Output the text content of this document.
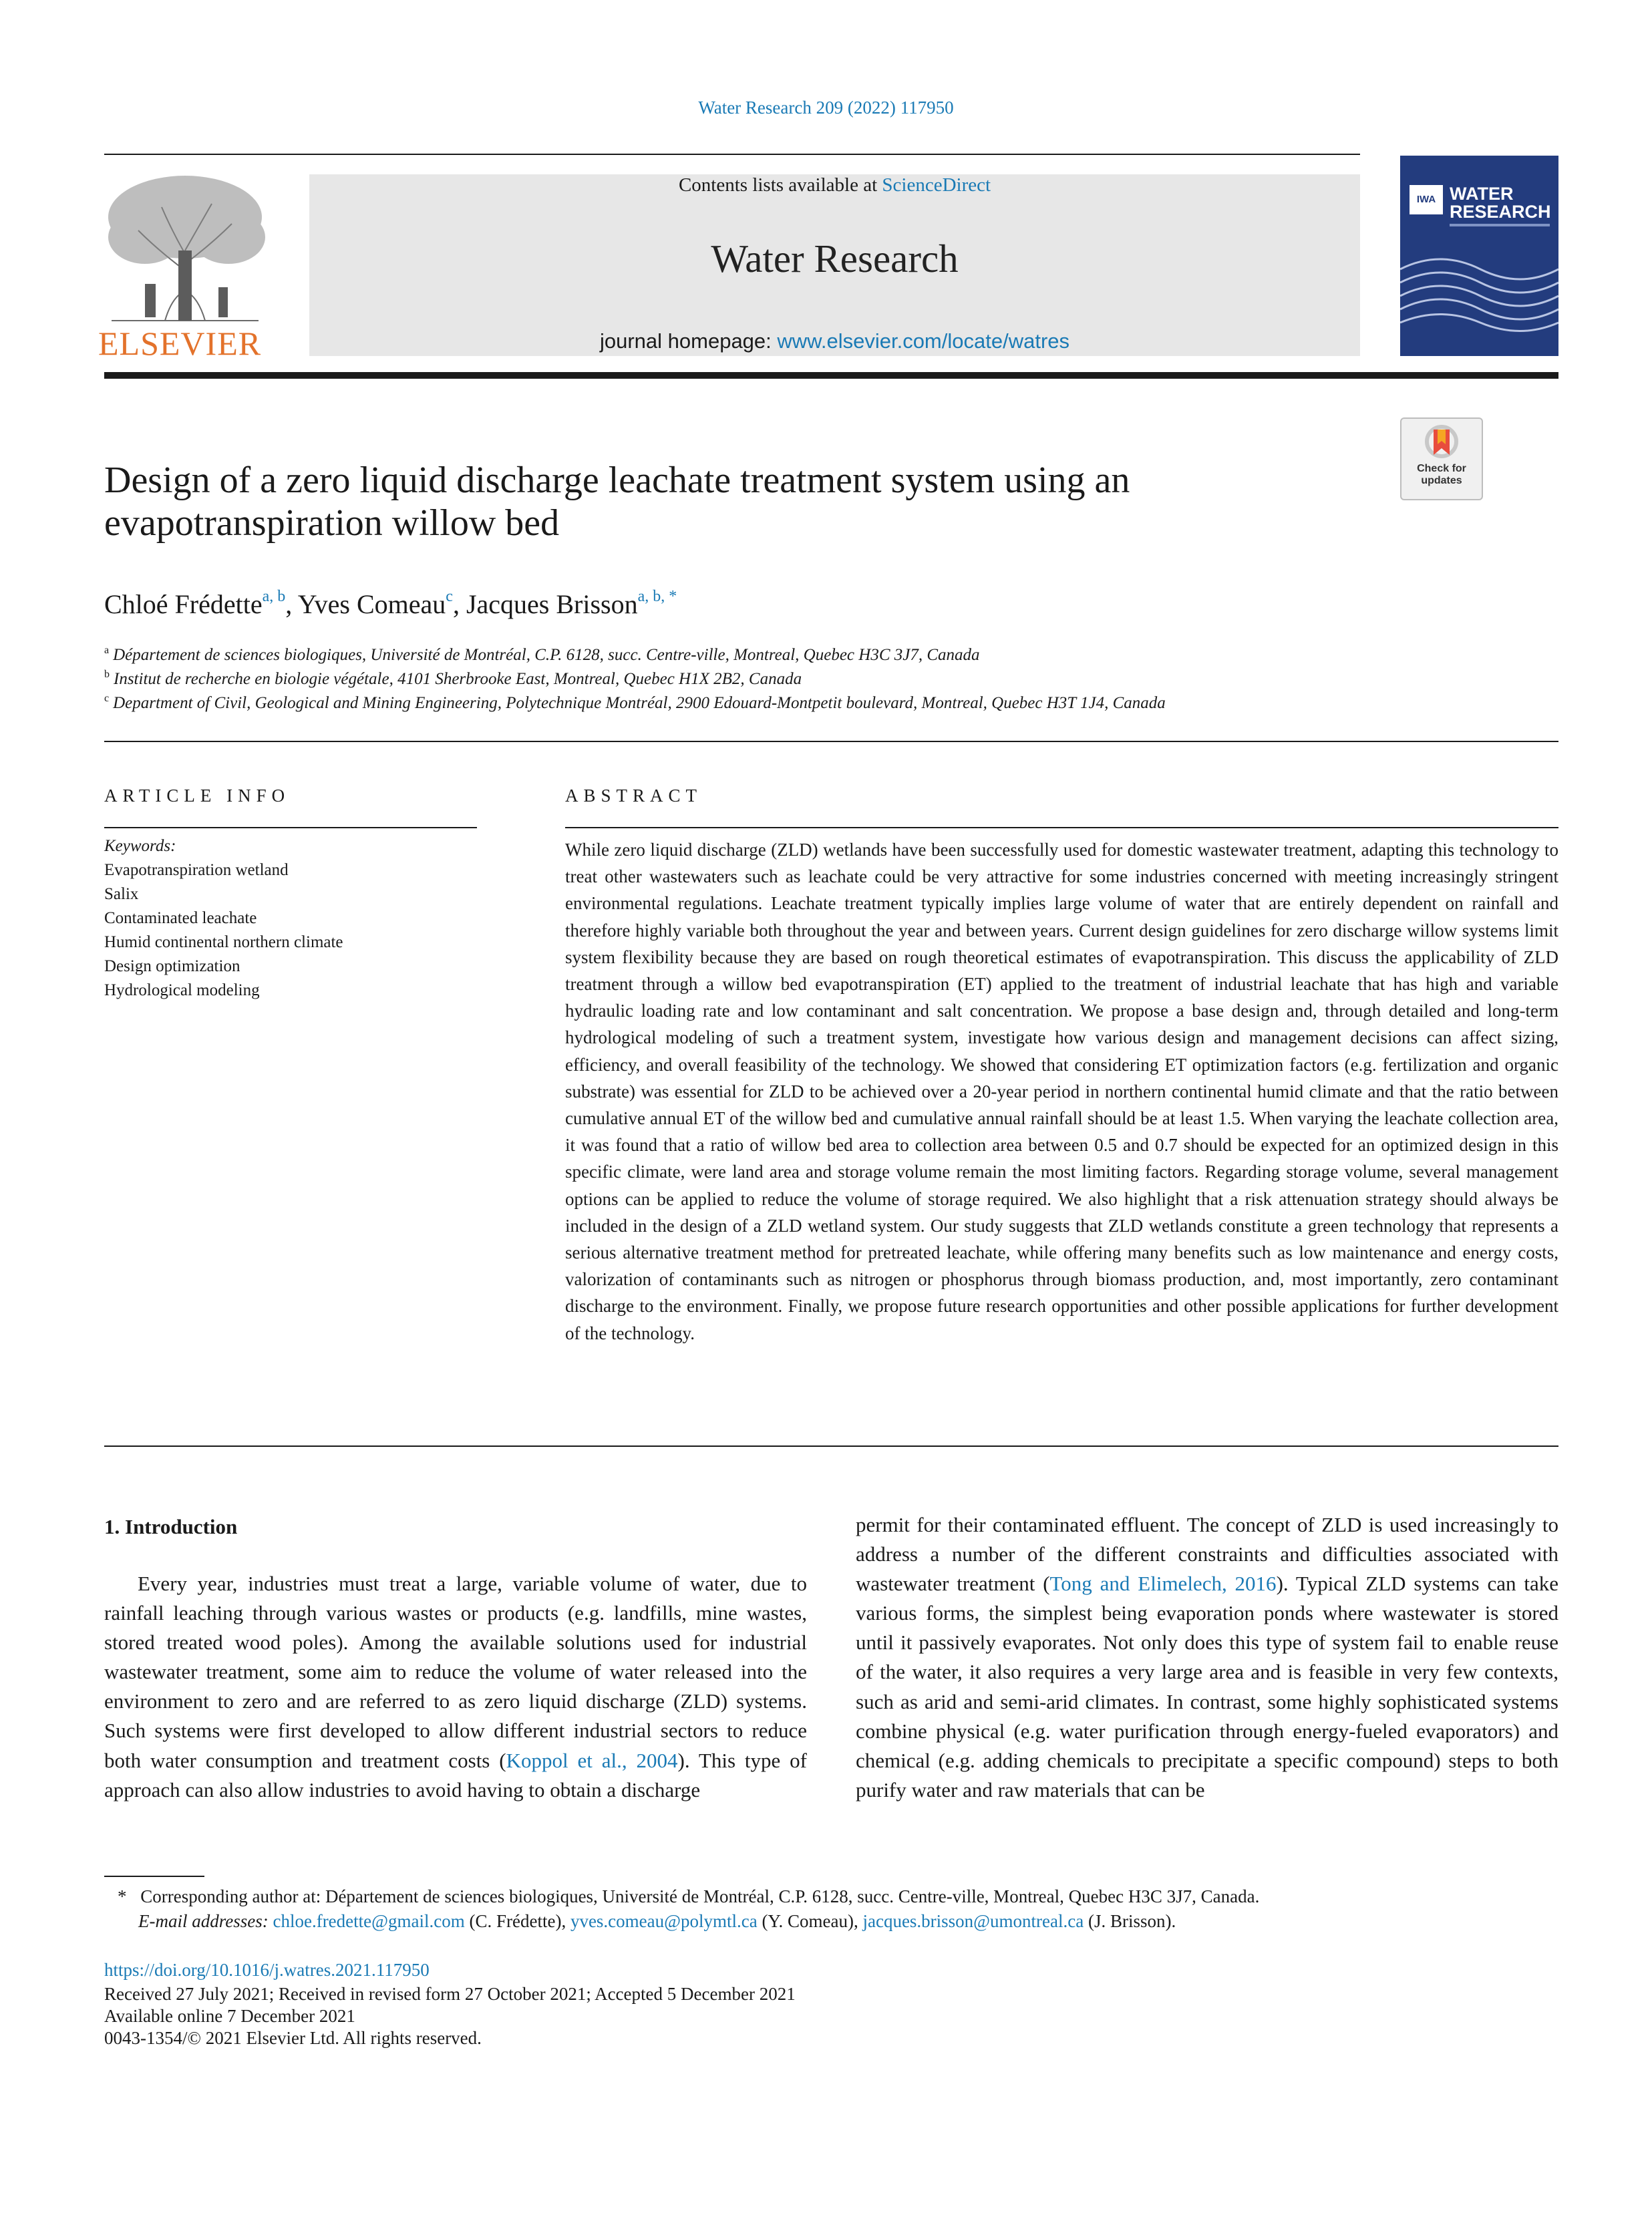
Water Research 209 (2022) 117950
ELSEVIER
Contents lists available at ScienceDirect
Water Research
journal homepage: www.elsevier.com/locate/watres
IWA WATER
RESEARCH
Check for
updates
Design of a zero liquid discharge leachate treatment system using an evapotranspiration willow bed
Chloé Frédette$^{a, b}$, Yves Comeau$^c$, Jacques Brisson$^{a, b, *}$
$^a$ Département de sciences biologiques, Université de Montréal, C.P. 6128, succ. Centre-ville, Montreal, Quebec H3C 3J7, Canada
$^b$ Institut de recherche en biologie végétale, 4101 Sherbrooke East, Montreal, Quebec H1X 2B2, Canada
$^c$ Department of Civil, Geological and Mining Engineering, Polytechnique Montréal, 2900 Edouard-Montpetit boulevard, Montreal, Quebec H3T 1J4, Canada
ARTICLE INFO
Keywords:
Evapotranspiration wetland
Salix
Contaminated leachate
Humid continental northern climate
Design optimization
Hydrological modeling
ABSTRACT
While zero liquid discharge (ZLD) wetlands have been successfully used for domestic wastewater treatment, adapting this technology to treat other wastewaters such as leachate could be very attractive for some industries concerned with meeting increasingly stringent environmental regulations. Leachate treatment typically implies large volume of water that are entirely dependent on rainfall and therefore highly variable both throughout the year and between years. Current design guidelines for zero discharge willow systems limit system flexibility because they are based on rough theoretical estimates of evapotranspiration. This discuss the applicability of ZLD treatment through a willow bed evapotranspiration (ET) applied to the treatment of industrial leachate that has high and variable hydraulic loading rate and low contaminant and salt concentration. We propose a base design and, through detailed and long-term hydrological modeling of such a treatment system, investigate how various design and management decisions can affect sizing, efficiency, and overall feasibility of the technology. We showed that considering ET optimization factors (e.g. fertilization and organic substrate) was essential for ZLD to be achieved over a 20-year period in northern continental humid climate and that the ratio between cumulative annual ET of the willow bed and cumulative annual rainfall should be at least 1.5. When varying the leachate collection area, it was found that a ratio of willow bed area to collection area between 0.5 and 0.7 should be expected for an optimized design in this specific climate, were land area and storage volume remain the most limiting factors. Regarding storage volume, several management options can be applied to reduce the volume of storage required. We also highlight that a risk attenuation strategy should always be included in the design of a ZLD wetland system. Our study suggests that ZLD wetlands constitute a green technology that represents a serious alternative treatment method for pretreated leachate, while offering many benefits such as low maintenance and energy costs, valorization of contaminants such as nitrogen or phosphorus through biomass production, and, most importantly, zero contaminant discharge to the environment. Finally, we propose future research opportunities and other possible applications for further development of the technology.
1. Introduction
Every year, industries must treat a large, variable volume of water, due to rainfall leaching through various wastes or products (e.g. landfills, mine wastes, stored treated wood poles). Among the available solutions used for industrial wastewater treatment, some aim to reduce the volume of water released into the environment to zero and are referred to as zero liquid discharge (ZLD) systems. Such systems were first developed to allow different industrial sectors to reduce both water consumption and treatment costs (Koppol et al., 2004). This type of approach can also allow industries to avoid having to obtain a discharge
permit for their contaminated effluent. The concept of ZLD is used increasingly to address a number of the different constraints and difficulties associated with wastewater treatment (Tong and Elimelech, 2016). Typical ZLD systems can take various forms, the simplest being evaporation ponds where wastewater is stored until it passively evaporates. Not only does this type of system fail to enable reuse of the water, it also requires a very large area and is feasible in very few contexts, such as arid and semi-arid climates. In contrast, some highly sophisticated systems combine physical (e.g. water purification through energy-fueled evaporators) and chemical (e.g. adding chemicals to precipitate a specific compound) steps to both purify water and raw materials that can be
* Corresponding author at: Département de sciences biologiques, Université de Montréal, C.P. 6128, succ. Centre-ville, Montreal, Quebec H3C 3J7, Canada.
E-mail addresses: chloe.fredette@gmail.com (C. Frédette), yves.comeau@polymtl.ca (Y. Comeau), jacques.brisson@umontreal.ca (J. Brisson).
https://doi.org/10.1016/j.watres.2021.117950
Received 27 July 2021; Received in revised form 27 October 2021; Accepted 5 December 2021
Available online 7 December 2021
0043-1354/© 2021 Elsevier Ltd. All rights reserved.
